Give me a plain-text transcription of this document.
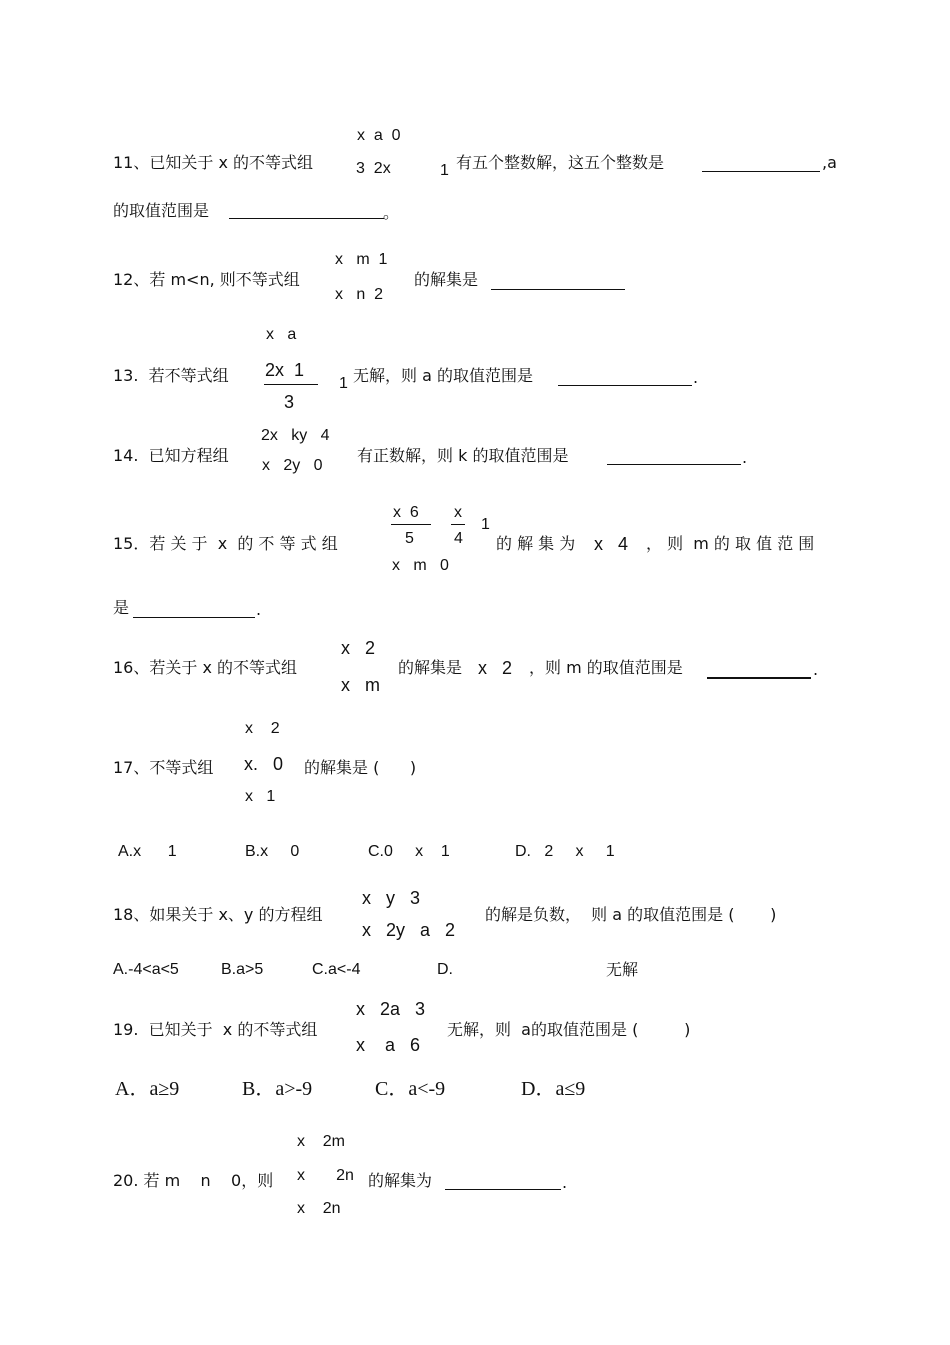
x  a  0
11、已知关于 x 的不等式组	3  2x	1 有五个整数解，这五个整数是	,a
的取值范围是	。
x   m  1
12、若 m<n, 则不等式组
x   n  2
的解集是
x   a
2x  1
3
1
13.  若不等式组	无解，则 a 的取值范围是	.
2x   ky   4
14.  已知方程组
x   2y   0
有正数解，则 k 的取值范围是	.
x  6
5
x
4
1
15．若 关 于  x  的 不 等 式 组	的 解 集 为 x   4 ， 则  m 的 取 值 范 围
x   m   0
是	.
x   2
16、若关于 x 的不等式组
x   m
的解集是 x   2 ，则 m 的取值范围是	.
x    2
x.   0
17、不等式组	的解集是 (      )
x   1
A.x      1	B.x     0	C.0     x    1	D.   2     x     1
x   y   3
18、如果关于 x、y 的方程组	的解是负数，  则 a 的取值范围是 (       )
x   2y   a   2
A.-4<a<5	B.a>5	C.a<-4	D.	无解
x   2a   3
19.  已知关于  x 的不等式组	无解，则  a的取值范围是 (         )
x    a   6
A．a≥9	B．a>-9	C．a<-9	D．a≤9
x    2m
20. 若 m    n    0，则 x       2n 的解集为	.
x    2n
